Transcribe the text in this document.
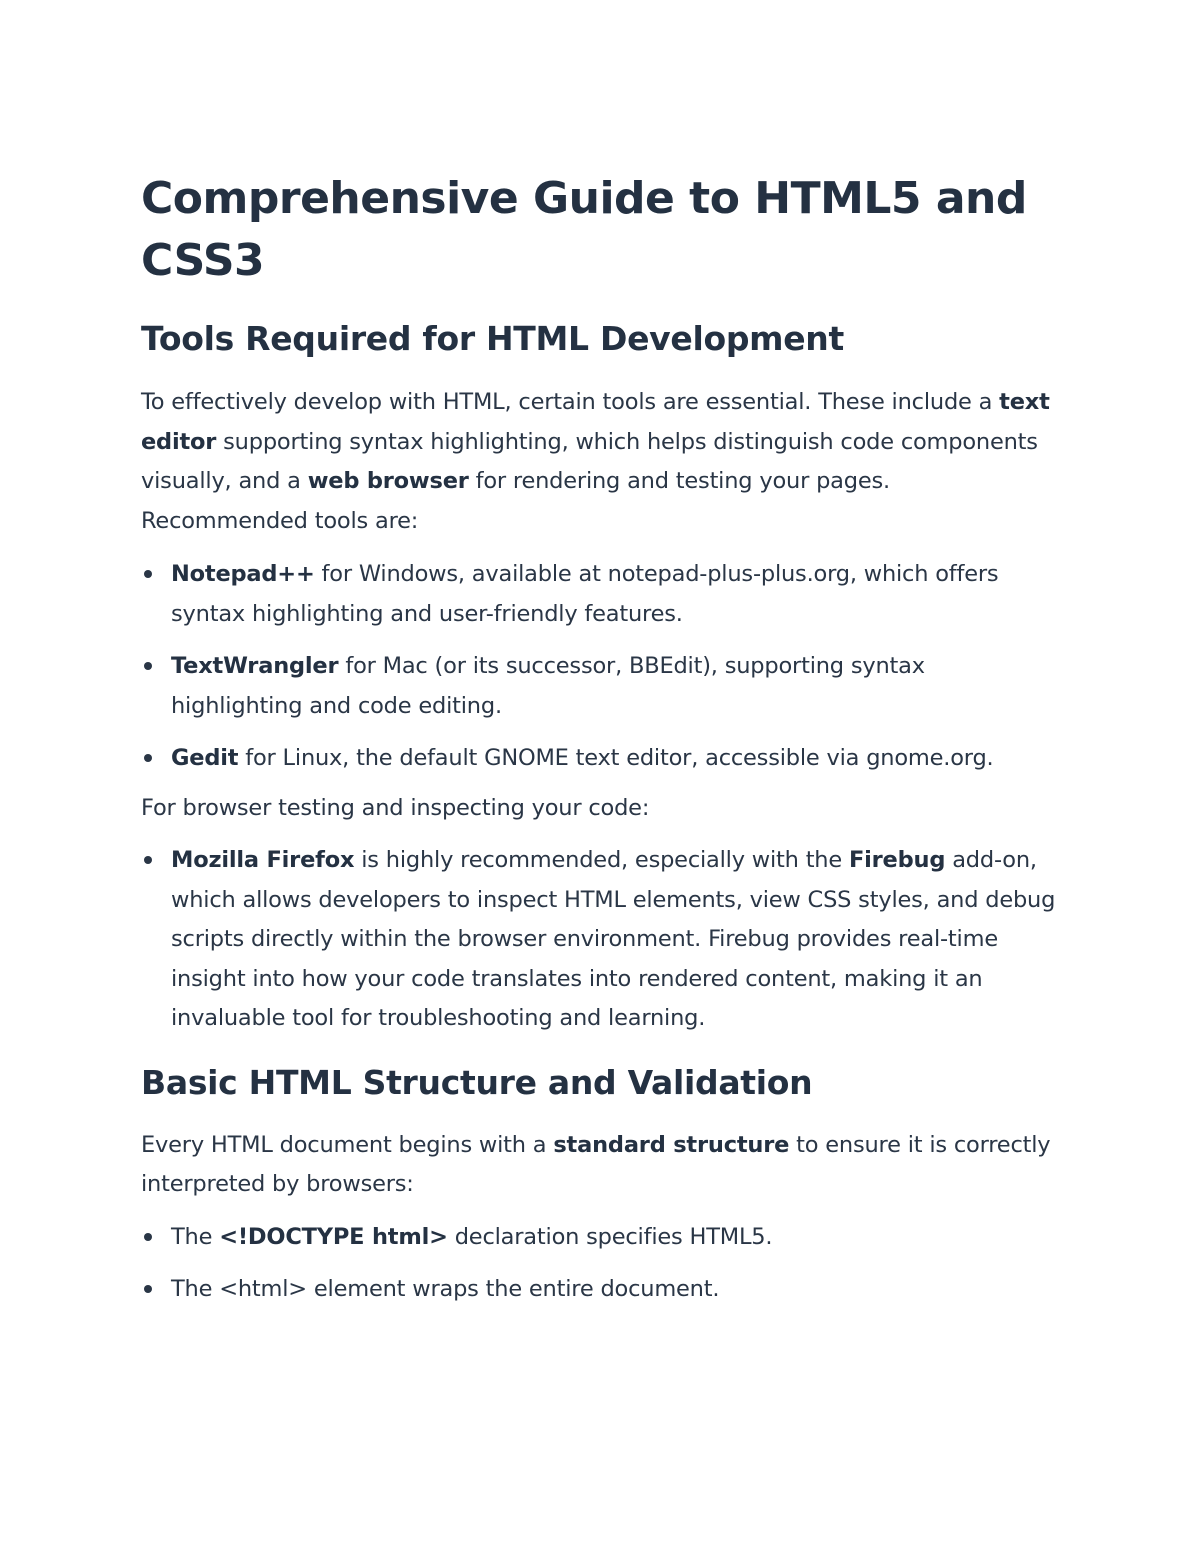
Comprehensive Guide to HTML5 and CSS3
Tools Required for HTML Development

To effectively develop with HTML, certain tools are essential. These include a text editor supporting syntax highlighting, which helps distinguish code components visually, and a web browser for rendering and testing your pages. Recommended tools are:

Notepad++ for Windows, available at notepad-plus-plus.org, which offers syntax highlighting and user-friendly features.
TextWrangler for Mac (or its successor, BBEdit), supporting syntax highlighting and code editing.
Gedit for Linux, the default GNOME text editor, accessible via gnome.org.

For browser testing and inspecting your code:

Mozilla Firefox is highly recommended, especially with the Firebug add-on, which allows developers to inspect HTML elements, view CSS styles, and debug scripts directly within the browser environment. Firebug provides real-time insight into how your code translates into rendered content, making it an invaluable tool for troubleshooting and learning.
Basic HTML Structure and Validation

Every HTML document begins with a standard structure to ensure it is correctly interpreted by browsers:

The <!DOCTYPE html> declaration specifies HTML5.
The <html> element wraps the entire document.
